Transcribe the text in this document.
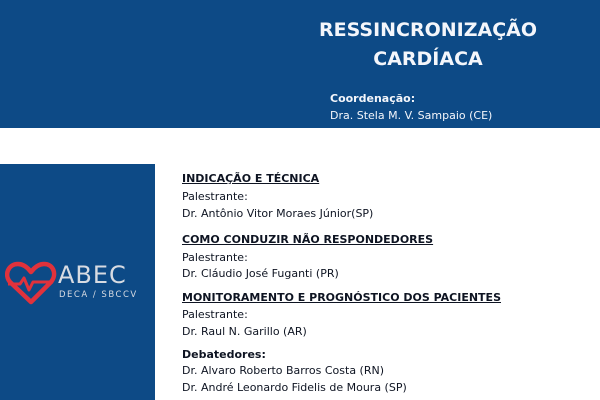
RESSINCRONIZAÇÃO
CARDÍACA
Coordenação:
Dra. Stela M. V. Sampaio (CE)
ABEC
DECA / SBCCV
INDICAÇÃO E TÉCNICA
Palestrante:
Dr. Antônio Vitor Moraes Júnior(SP)
COMO CONDUZIR NÃO RESPONDEDORES
Palestrante:
Dr. Cláudio José Fuganti (PR)
MONITORAMENTO E PROGNÓSTICO DOS PACIENTES
Palestrante:
Dr. Raul N. Garillo (AR)
Debatedores:
Dr. Alvaro Roberto Barros Costa (RN)
Dr. André Leonardo Fidelis de Moura (SP)
